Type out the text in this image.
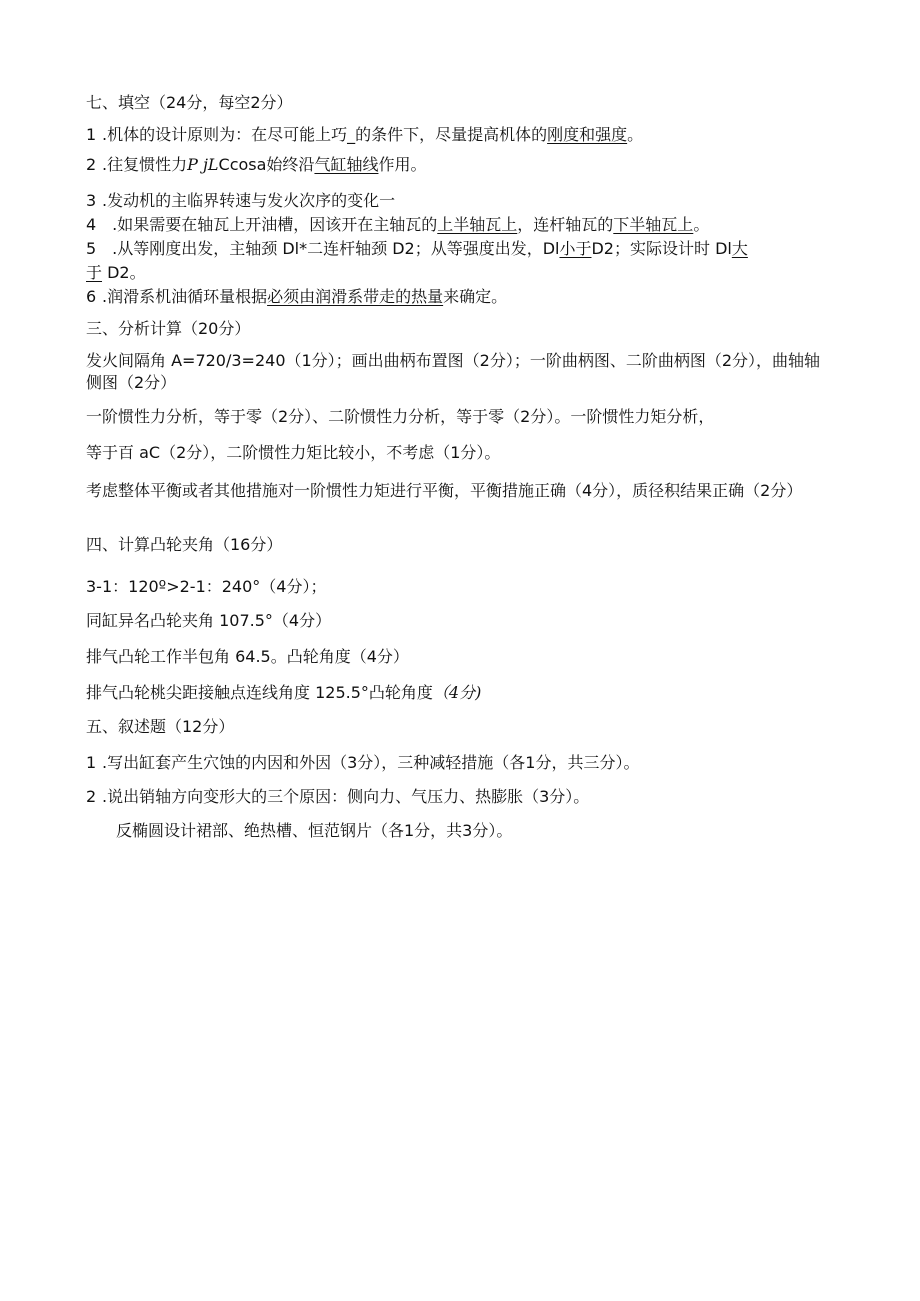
七、填空（24分，每空2分）
1 .机体的设计原则为：在尽可能上巧_的条件下，尽量提高机体的刚度和强度。
2 .往复惯性力P jLCcosa始终沿气缸轴线作用。
3 .发动机的主临界转速与发火次序的变化一
4 .如果需要在轴瓦上开油槽，因该开在主轴瓦的上半轴瓦上，连杆轴瓦的下半轴瓦上。
5 .从等刚度出发，主轴颈 Dl*二连杆轴颈 D2；从等强度出发，Dl小于D2；实际设计时 Dl大
于 D2。
6 .润滑系机油循环量根据必须由润滑系带走的热量来确定。
三、分析计算（20分）
发火间隔角 A=720∕3=240（1分）；画出曲柄布置图（2分）；一阶曲柄图、二阶曲柄图（2分），曲轴轴侧图（2分）
一阶惯性力分析，等于零（2分）、二阶惯性力分析，等于零（2分）。一阶惯性力矩分析，
等于百 aC（2分），二阶惯性力矩比较小，不考虑（1分）。
考虑整体平衡或者其他措施对一阶惯性力矩进行平衡，平衡措施正确（4分），质径积结果正确（2分）
四、计算凸轮夹角（16分）
3-1：120º>2-1：240°（4分）；
同缸异名凸轮夹角 107.5°（4分）
排气凸轮工作半包角 64.5。凸轮角度（4分）
排气凸轮桃尖距接触点连线角度 125.5°凸轮角度（4分)
五、叙述题（12分）
1 .写出缸套产生穴蚀的内因和外因（3分），三种减轻措施（各1分，共三分）。
2 .说出销轴方向变形大的三个原因：侧向力、气压力、热膨胀（3分）。
反椭圆设计裙部、绝热槽、恒范钢片（各1分，共3分）。
